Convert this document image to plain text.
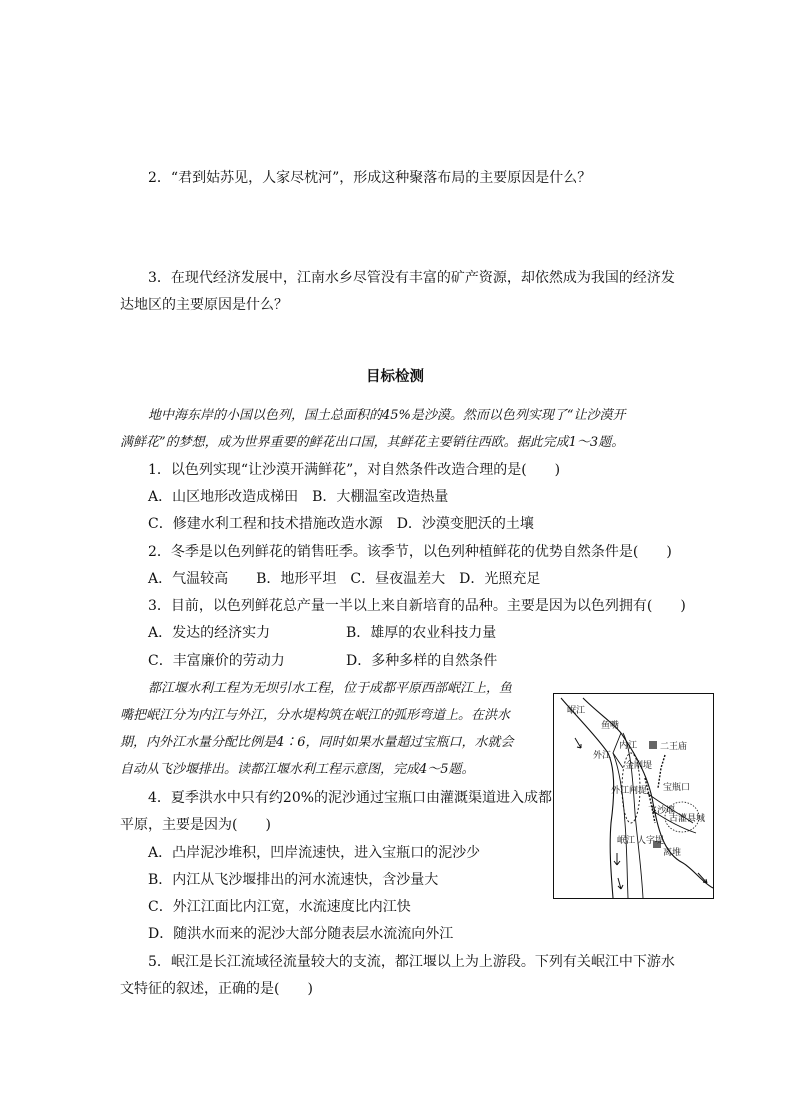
2．“君到姑苏见，人家尽枕河”，形成这种聚落布局的主要原因是什么？
3．在现代经济发展中，江南水乡尽管没有丰富的矿产资源，却依然成为我国的经济发
达地区的主要原因是什么？
目标检测
地中海东岸的小国以色列，国土总面积的45%是沙漠。然而以色列实现了“让沙漠开
满鲜花”的梦想，成为世界重要的鲜花出口国，其鲜花主要销往西欧。据此完成1～3题。
1．以色列实现“让沙漠开满鲜花”，对自然条件改造合理的是(　　)
A．山区地形改造成梯田　B．大棚温室改造热量
C．修建水利工程和技术措施改造水源　D．沙漠变肥沃的土壤
2．冬季是以色列鲜花的销售旺季。该季节，以色列种植鲜花的优势自然条件是(　　)
A．气温较高　　B．地形平坦　C．昼夜温差大　D．光照充足
3．目前，以色列鲜花总产量一半以上来自新培育的品种。主要是因为以色列拥有(　　)
A．发达的经济实力	B．雄厚的农业科技力量
C．丰富廉价的劳动力	D．多种多样的自然条件
都江堰水利工程为无坝引水工程，位于成都平原西部岷江上，鱼
嘴把岷江分为内江与外江，分水堤构筑在岷江的弧形弯道上。在洪水
期，内外江水量分配比例是4∶6，同时如果水量超过宝瓶口，水就会
自动从飞沙堰排出。读都江堰水利工程示意图，完成4～5题。
4．夏季洪水中只有约20%的泥沙通过宝瓶口由灌溉渠道进入成都
平原，主要是因为(　　)
A．凸岸泥沙堆积，凹岸流速快，进入宝瓶口的泥沙少
B．内江从飞沙堰排出的河水流速快，含沙量大
C．外江江面比内江宽，水流速度比内江快
D．随洪水而来的泥沙大部分随表层水流流向外江
5．岷江是长江流域径流量较大的支流，都江堰以上为上游段。下列有关岷江中下游水
文特征的叙述，正确的是(　　)
岷江
鱼嘴
内江
外江
金刚堤
外江闸堤
飞沙堰
二王庙
宝瓶口
古灌县城
人字堤
离堆
岷江
